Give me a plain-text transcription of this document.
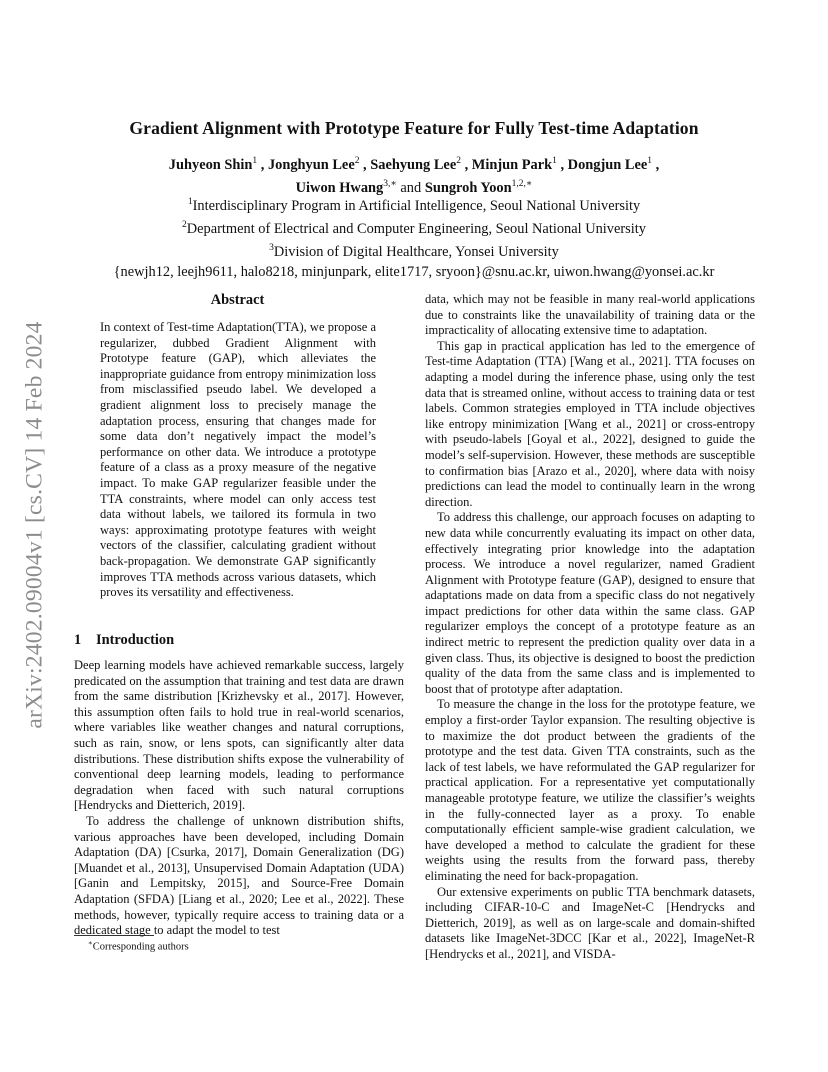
Gradient Alignment with Prototype Feature for Fully Test-time Adaptation
Juhyeon Shin$^1$ , Jonghyun Lee$^2$ , Saehyung Lee$^2$ , Minjun Park$^1$ , Dongjun Lee$^1$ ,
Uiwon Hwang$^{3,∗}$ and Sungroh Yoon$^{1,2,∗}$
$^1$Interdisciplinary Program in Artificial Intelligence, Seoul National University
$^2$Department of Electrical and Computer Engineering, Seoul National University
$^3$Division of Digital Healthcare, Yonsei University
{newjh12, leejh9611, halo8218, minjunpark, elite1717, sryoon}@snu.ac.kr, uiwon.hwang@yonsei.ac.kr
arXiv:2402.09004v1 [cs.CV] 14 Feb 2024
Abstract

In context of Test-time Adaptation(TTA), we propose a regularizer, dubbed Gradient Alignment with Prototype feature (GAP), which alleviates the inappropriate guidance from entropy minimization loss from misclassified pseudo label. We developed a gradient alignment loss to precisely manage the adaptation process, ensuring that changes made for some data don’t negatively impact the model’s performance on other data. We introduce a prototype feature of a class as a proxy measure of the negative impact. To make GAP regularizer feasible under the TTA constraints, where model can only access test data without labels, we tailored its formula in two ways: approximating prototype features with weight vectors of the classifier, calculating gradient without back-propagation. We demonstrate GAP significantly improves TTA methods across various datasets, which proves its versatility and effectiveness.

1 Introduction

Deep learning models have achieved remarkable success, largely predicated on the assumption that training and test data are drawn from the same distribution [Krizhevsky et al., 2017]. However, this assumption often fails to hold true in real-world scenarios, where variables like weather changes and natural corruptions, such as rain, snow, or lens spots, can significantly alter data distributions. These distribution shifts expose the vulnerability of conventional deep learning models, leading to performance degradation when faced with such natural corruptions [Hendrycks and Dietterich, 2019].

To address the challenge of unknown distribution shifts, various approaches have been developed, including Domain Adaptation (DA) [Csurka, 2017], Domain Generalization (DG) [Muandet et al., 2013], Unsupervised Domain Adaptation (UDA) [Ganin and Lempitsky, 2015], and Source-Free Domain Adaptation (SFDA) [Liang et al., 2020; Lee et al., 2022]. These methods, however, typically require access to training data or a dedicated stage to adapt the model to test

data, which may not be feasible in many real-world applications due to constraints like the unavailability of training data or the impracticality of allocating extensive time to adaptation.

This gap in practical application has led to the emergence of Test-time Adaptation (TTA) [Wang et al., 2021]. TTA focuses on adapting a model during the inference phase, using only the test data that is streamed online, without access to training data or test labels. Common strategies employed in TTA include objectives like entropy minimization [Wang et al., 2021] or cross-entropy with pseudo-labels [Goyal et al., 2022], designed to guide the model’s self-supervision. However, these methods are susceptible to confirmation bias [Arazo et al., 2020], where data with noisy predictions can lead the model to continually learn in the wrong direction.

To address this challenge, our approach focuses on adapting to new data while concurrently evaluating its impact on other data, effectively integrating prior knowledge into the adaptation process. We introduce a novel regularizer, named Gradient Alignment with Prototype feature (GAP), designed to ensure that adaptations made on data from a specific class do not negatively impact predictions for other data within the same class. GAP regularizer employs the concept of a prototype feature as an indirect metric to represent the prediction quality over data in a given class. Thus, its objective is designed to boost the prediction quality of the data from the same class and is implemented to boost that of prototype after adaptation.

To measure the change in the loss for the prototype feature, we employ a first-order Taylor expansion. The resulting objective is to maximize the dot product between the gradients of the prototype and the test data. Given TTA constraints, such as the lack of test labels, we have reformulated the GAP regularizer for practical application. For a representative yet computationally manageable prototype feature, we utilize the classifier’s weights in the fully-connected layer as a proxy. To enable computationally efficient sample-wise gradient calculation, we have developed a method to calculate the gradient for these weights using the results from the forward pass, thereby eliminating the need for back-propagation.

Our extensive experiments on public TTA benchmark datasets, including CIFAR-10-C and ImageNet-C [Hendrycks and Dietterich, 2019], as well as on large-scale and domain-shifted datasets like ImageNet-3DCC [Kar et al., 2022], ImageNet-R [Hendrycks et al., 2021], and VISDA-

∗Corresponding authors
